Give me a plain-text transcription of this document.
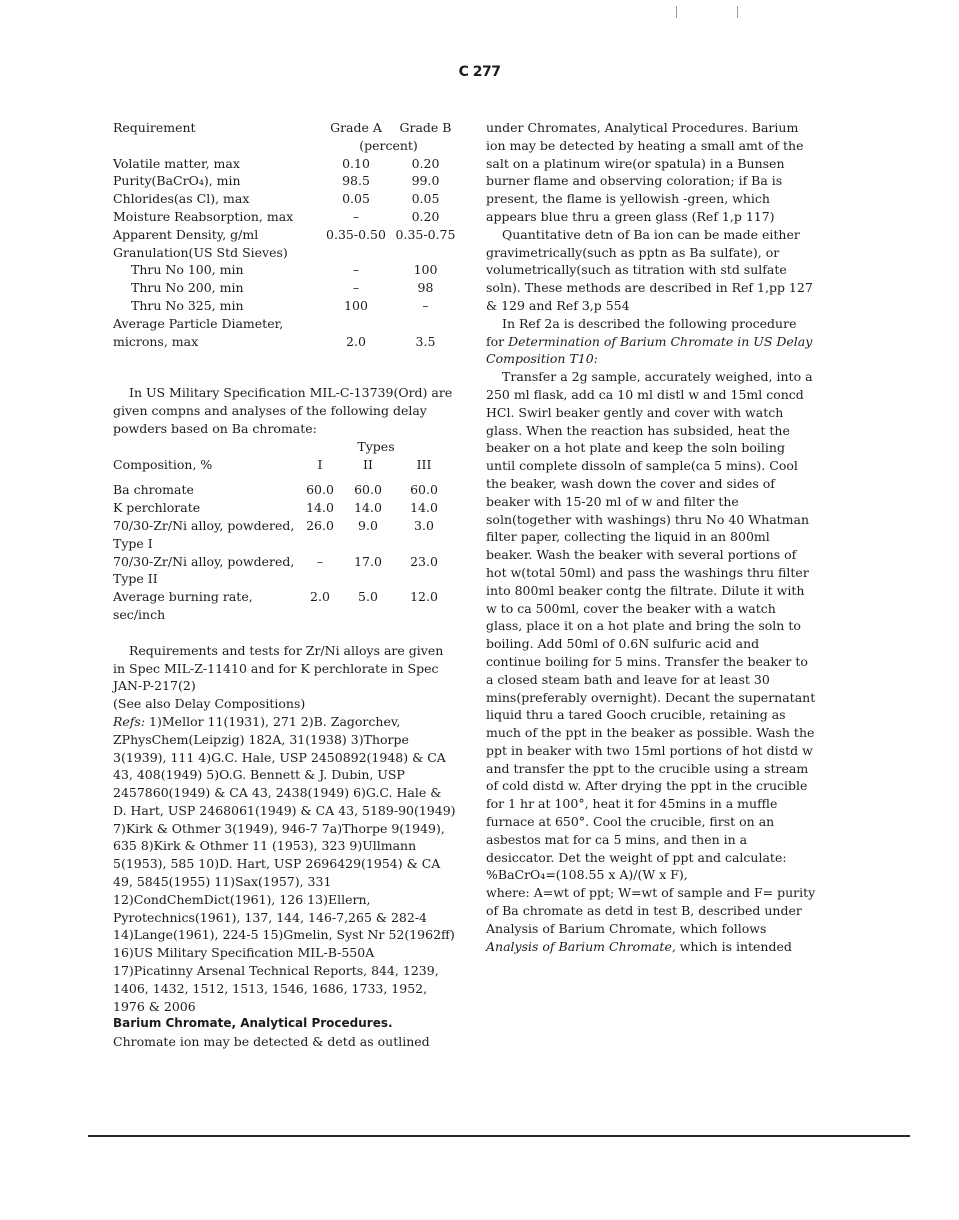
C 277
Requirement	Grade A	Grade B
	(percent)	
Volatile matter, max	0.10	0.20
Purity(BaCrO₄), min	98.5	99.0
Chlorides(as Cl), max	0.05	0.05
Moisture Reabsorption, max	–	0.20
Apparent Density, g/ml	0.35-0.50	0.35-0.75
Granulation(US Std Sieves)		
Thru No 100, min	–	100
Thru No 200, min	–	98
Thru No 325, min	100	–
Average Particle Diameter,		
microns, max	2.0	3.5

In US Military Specification MIL-C-13739(Ord) are given compns and analyses of the following delay powders based on Ba chromate:

	Types		
Composition, %	I	II	III

Ba chromate	60.0	60.0	60.0
K perchlorate	14.0	14.0	14.0
70/30-Zr/Ni alloy, powdered, Type I	26.0	9.0	3.0
70/30-Zr/Ni alloy, powdered, Type II	–	17.0	23.0
Average burning rate, sec/inch	2.0	5.0	12.0

Requirements and tests for Zr/Ni alloys are given in Spec MIL-Z-11410 and for K perchlorate in Spec JAN-P-217(2)

(See also Delay Compositions)

Refs: 1)Mellor 11(1931), 271 2)B. Zagorchev, ZPhysChem(Leipzig) 182A, 31(1938) 3)Thorpe 3(1939), 111 4)G.C. Hale, USP 2450892(1948) & CA 43, 408(1949) 5)O.G. Bennett & J. Dubin, USP 2457860(1949) & CA 43, 2438(1949) 6)G.C. Hale & D. Hart, USP 2468061(1949) & CA 43, 5189-90(1949) 7)Kirk & Othmer 3(1949), 946-7 7a)Thorpe 9(1949), 635 8)Kirk & Othmer 11 (1953), 323 9)Ullmann 5(1953), 585 10)D. Hart, USP 2696429(1954) & CA 49, 5845(1955) 11)Sax(1957), 331 12)CondChemDict(1961), 126 13)Ellern, Pyrotechnics(1961), 137, 144, 146-7,265 & 282-4 14)Lange(1961), 224-5 15)Gmelin, Syst Nr 52(1962ff) 16)US Military Specification MIL-B-550A 17)Picatinny Arsenal Technical Reports, 844, 1239, 1406, 1432, 1512, 1513, 1546, 1686, 1733, 1952, 1976 & 2006

Barium Chromate, Analytical Procedures.

Chromate ion may be detected & detd as outlined

under Chromates, Analytical Procedures. Barium ion may be detected by heating a small amt of the salt on a platinum wire(or spatula) in a Bunsen burner flame and observing coloration; if Ba is present, the flame is yellowish -green, which appears blue thru a green glass (Ref 1,p 117)

Quantitative detn of Ba ion can be made either gravimetrically(such as pptn as Ba sulfate), or volumetrically(such as titration with std sulfate soln). These methods are described in Ref 1,pp 127 & 129 and Ref 3,p 554

In Ref 2a is described the following procedure for Determination of Barium Chromate in US Delay Composition T10:

Transfer a 2g sample, accurately weighed, into a 250 ml flask, add ca 10 ml distl w and 15ml concd HCl. Swirl beaker gently and cover with watch glass. When the reaction has subsided, heat the beaker on a hot plate and keep the soln boiling until complete dissoln of sample(ca 5 mins). Cool the beaker, wash down the cover and sides of beaker with 15-20 ml of w and filter the soln(together with washings) thru No 40 Whatman filter paper, collecting the liquid in an 800ml beaker. Wash the beaker with several portions of hot w(total 50ml) and pass the washings thru filter into 800ml beaker contg the filtrate. Dilute it with w to ca 500ml, cover the beaker with a watch glass, place it on a hot plate and bring the soln to boiling. Add 50ml of 0.6N sulfuric acid and continue boiling for 5 mins. Transfer the beaker to a closed steam bath and leave for at least 30 mins(preferably overnight). Decant the supernatant liquid thru a tared Gooch crucible, retaining as much of the ppt in the beaker as possible. Wash the ppt in beaker with two 15ml portions of hot distd w and transfer the ppt to the crucible using a stream of cold distd w. After drying the ppt in the crucible for 1 hr at 100°, heat it for 45mins in a muffle furnace at 650°. Cool the crucible, first on an asbestos mat for ca 5 mins, and then in a desiccator. Det the weight of ppt and calculate:

%BaCrO₄=(108.55 x A)/(W x F),

where: A=wt of ppt; W=wt of sample and F= purity of Ba chromate as detd in test B, described under Analysis of Barium Chromate, which follows

Analysis of Barium Chromate, which is intended
